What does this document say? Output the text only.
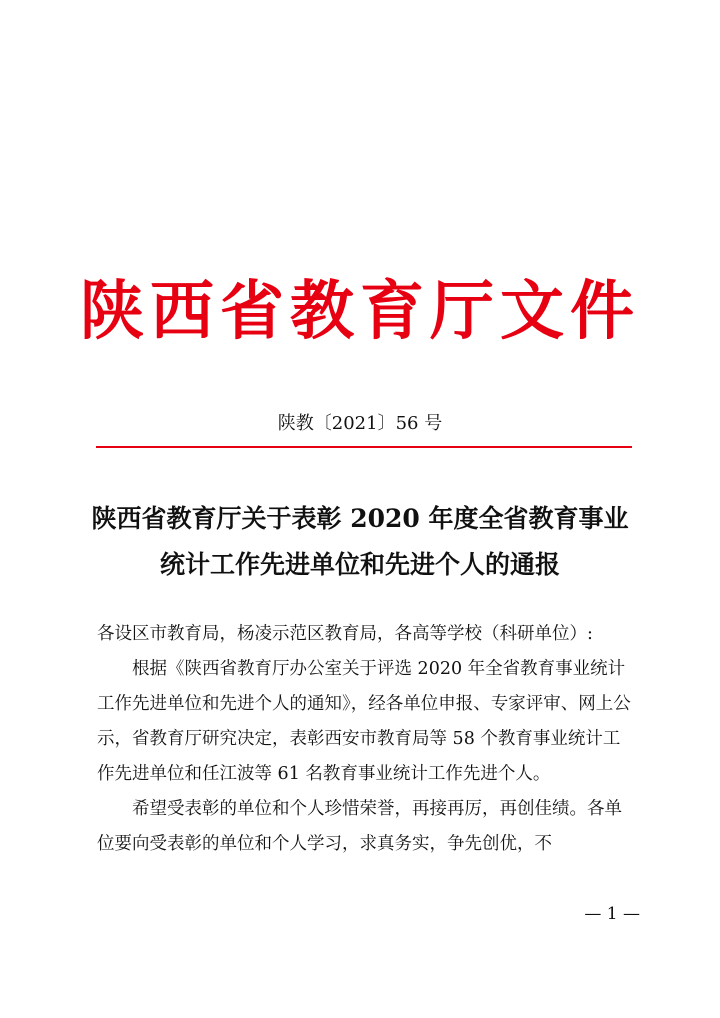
陕西省教育厅文件
陕教〔2021〕56 号
陕西省教育厅关于表彰 2020 年度全省教育事业
统计工作先进单位和先进个人的通报

各设区市教育局，杨凌示范区教育局，各高等学校（科研单位）:

根据《陕西省教育厅办公室关于评选 2020 年全省教育事业统计工作先进单位和先进个人的通知》，经各单位申报、专家评审、网上公示，省教育厅研究决定，表彰西安市教育局等 58 个教育事业统计工作先进单位和任江波等 61 名教育事业统计工作先进个人。

希望受表彰的单位和个人珍惜荣誉，再接再厉，再创佳绩。各单位要向受表彰的单位和个人学习，求真务实，争先创优，不

— 1 —
